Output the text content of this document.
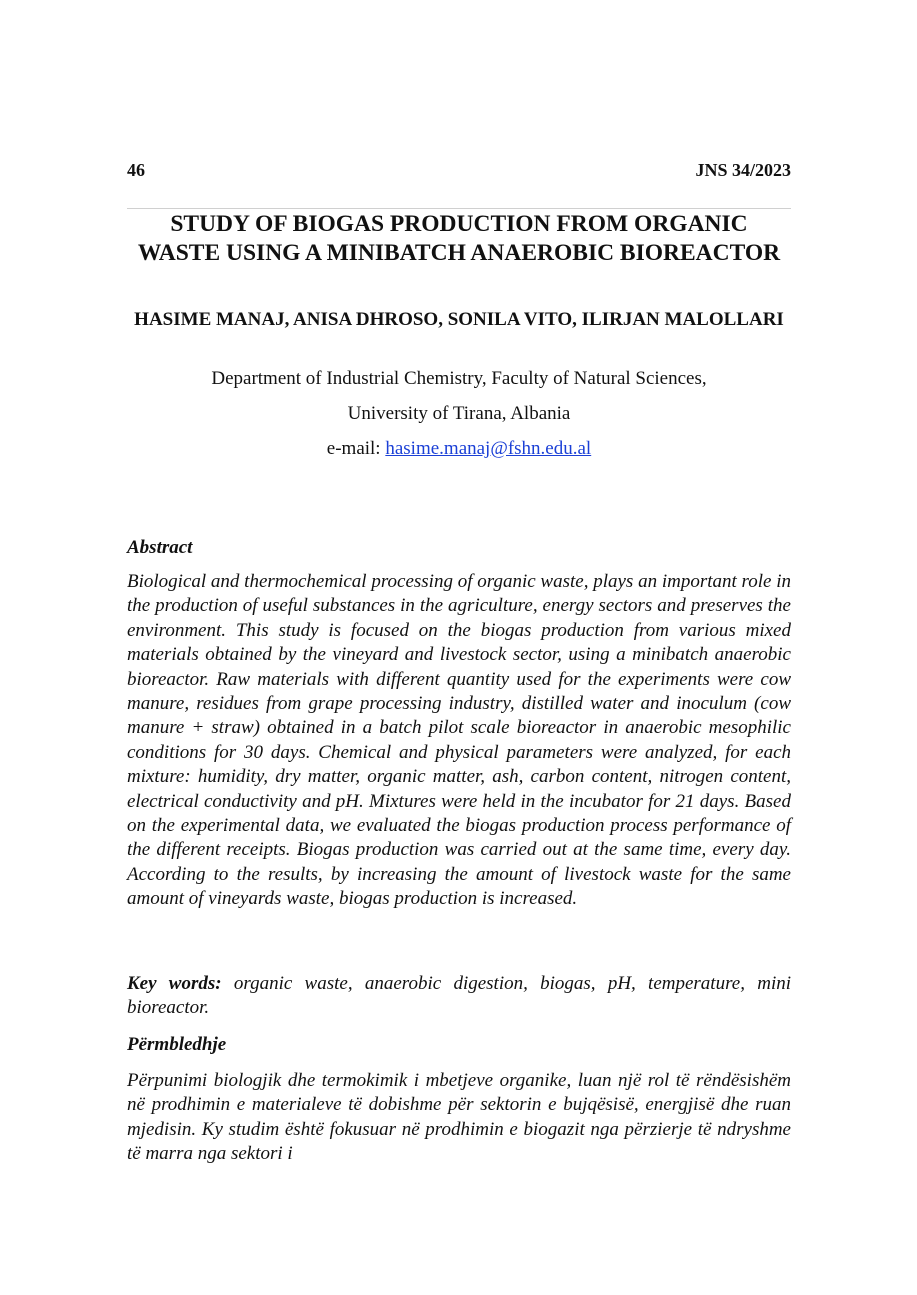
46	JNS 34/2023
STUDY OF BIOGAS PRODUCTION FROM ORGANIC WASTE USING A MINIBATCH ANAEROBIC BIOREACTOR

HASIME MANAJ, ANISA DHROSO, SONILA VITO, ILIRJAN MALOLLARI

Department of Industrial Chemistry, Faculty of Natural Sciences,

University of Tirana, Albania

e-mail: hasime.manaj@fshn.edu.al

Abstract

Biological and thermochemical processing of organic waste, plays an important role in the production of useful substances in the agriculture, energy sectors and preserves the environment. This study is focused on the biogas production from various mixed materials obtained by the vineyard and livestock sector, using a minibatch anaerobic bioreactor. Raw materials with different quantity used for the experiments were cow manure, residues from grape processing industry, distilled water and inoculum (cow manure + straw) obtained in a batch pilot scale bioreactor in anaerobic mesophilic conditions for 30 days. Chemical and physical parameters were analyzed, for each mixture: humidity, dry matter, organic matter, ash, carbon content, nitrogen content, electrical conductivity and pH. Mixtures were held in the incubator for 21 days. Based on the experimental data, we evaluated the biogas production process performance of the different receipts. Biogas production was carried out at the same time, every day. According to the results, by increasing the amount of livestock waste for the same amount of vineyards waste, biogas production is increased.

Key words: organic waste, anaerobic digestion, biogas, pH, temperature, mini bioreactor.

Përmbledhje

Përpunimi biologjik dhe termokimik i mbetjeve organike, luan një rol të rëndësishëm në prodhimin e materialeve të dobishme për sektorin e bujqësisë, energjisë dhe ruan mjedisin. Ky studim është fokusuar në prodhimin e biogazit nga përzierje të ndryshme të marra nga sektori i
